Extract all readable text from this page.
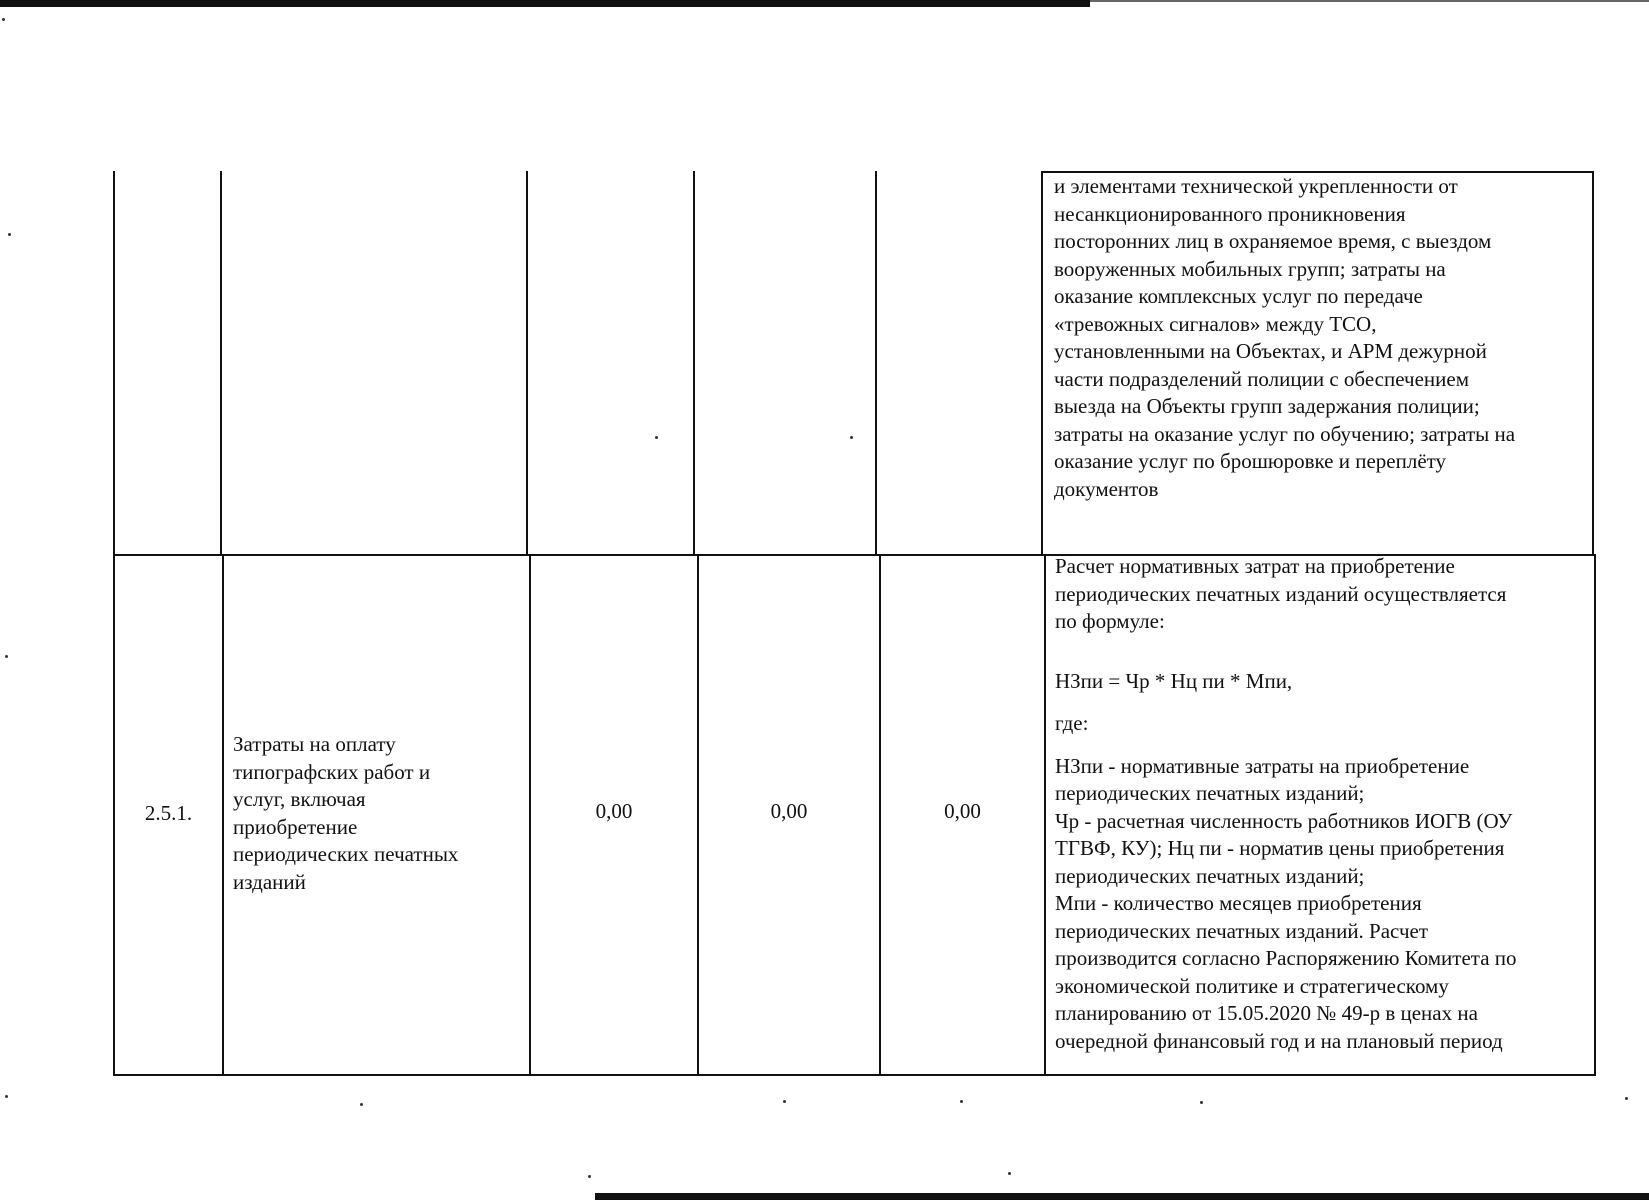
и элементами технической укрепленности от
несанкционированного проникновения
посторонних лиц в охраняемое время, с выездом
вооруженных мобильных групп; затраты на
оказание комплексных услуг по передаче
«тревожных сигналов» между ТСО,
установленными на Объектах, и АРМ дежурной
части подразделений полиции с обеспечением
выезда на Объекты групп задержания полиции;
затраты на оказание услуг по обучению; затраты на
оказание услуг по брошюровке и переплёту
документов

2.5.1.

Затраты на оплату
типографских работ и
услуг, включая
приобретение
периодических печатных
изданий

0,00	0,00	0,00

Расчет нормативных затрат на приобретение
периодических печатных изданий осуществляется
по формуле:

НЗпи = Чр * Нц пи * Мпи,

где:

НЗпи - нормативные затраты на приобретение
периодических печатных изданий;
Чр - расчетная численность работников ИОГВ (ОУ
ТГВФ, КУ); Нц пи - норматив цены приобретения
периодических печатных изданий;
Мпи - количество месяцев приобретения
периодических печатных изданий. Расчет
производится согласно Распоряжению Комитета по
экономической политике и стратегическому
планированию от 15.05.2020 № 49-р в ценах на
очередной финансовый год и на плановый период
